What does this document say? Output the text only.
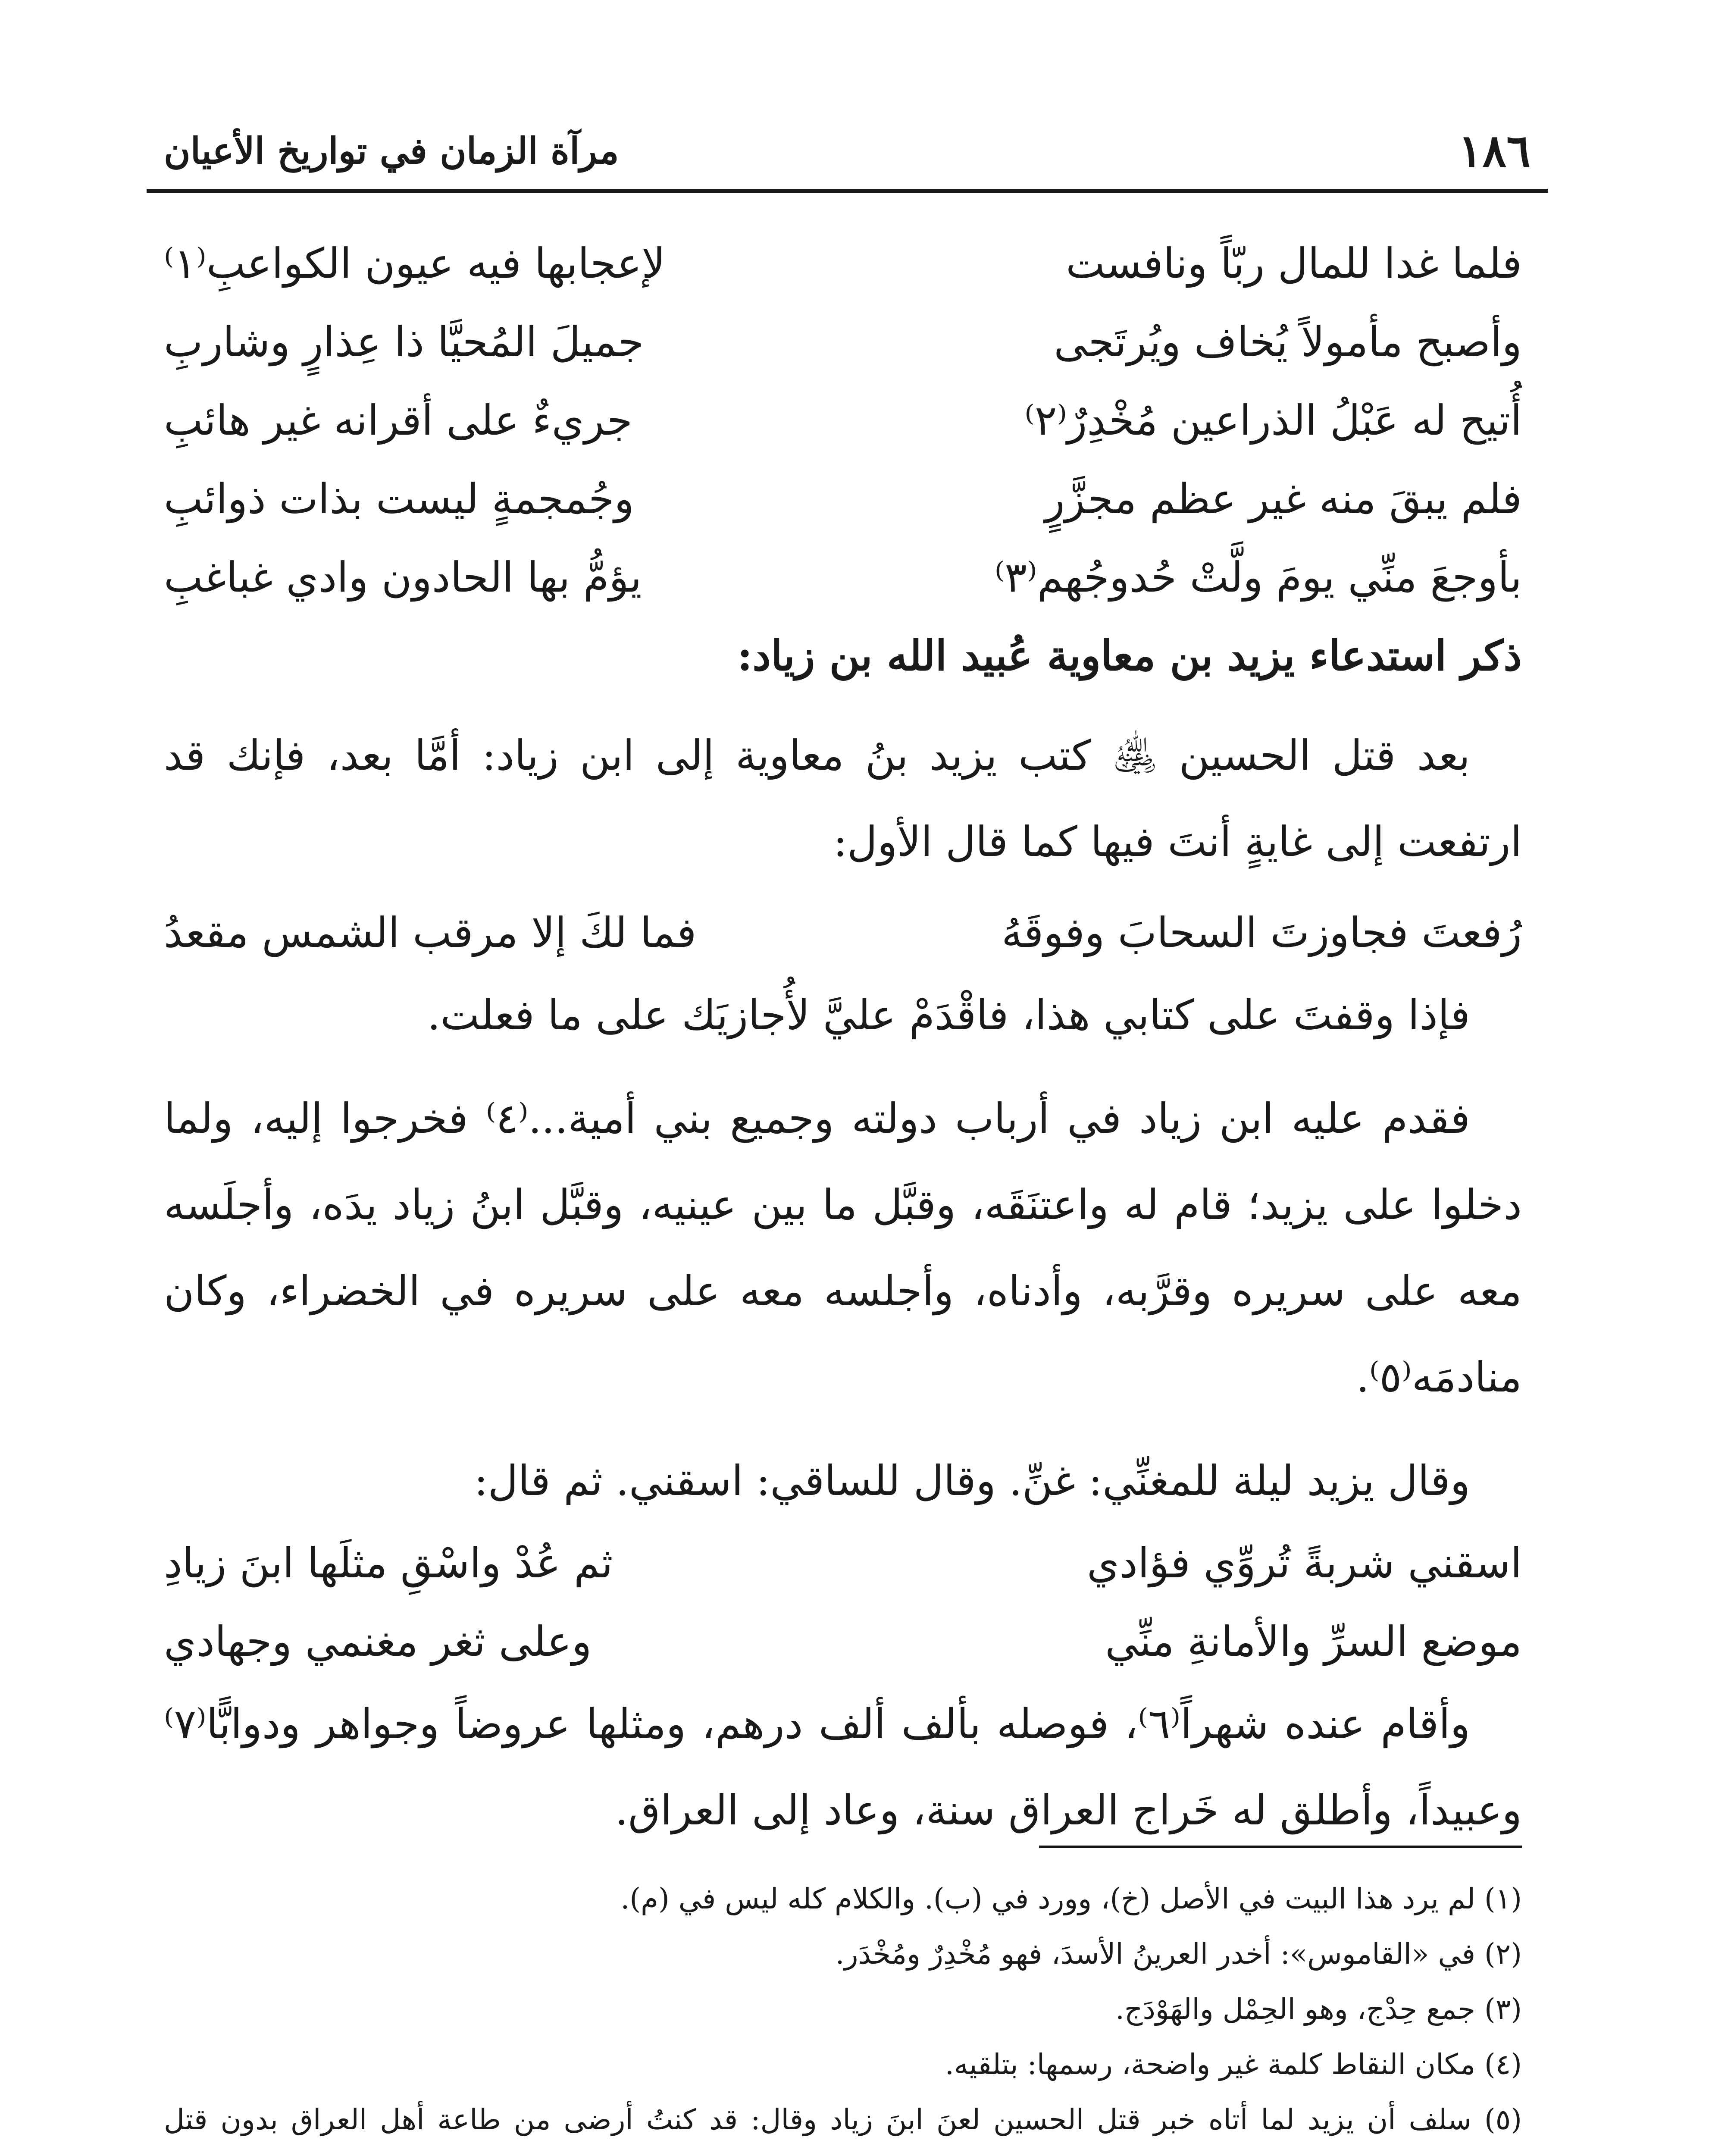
١٨٦
مرآة الزمان في تواريخ الأعيان
فلما غدا للمال ربّاً ونافست
لإعجابها فيه عيون الكواعبِ⁽١⁾
وأصبح مأمولاً يُخاف ويُرتَجى
جميلَ المُحيَّا ذا عِذارٍ وشاربِ
أُتيح له عَبْلُ الذراعين مُخْدِرٌ⁽٢⁾
جريءٌ على أقرانه غير هائبِ
فلم يبقَ منه غير عظم مجزَّرٍ
وجُمجمةٍ ليست بذات ذوائبِ
بأوجعَ منِّي يومَ ولَّتْ حُدوجُهم⁽٣⁾
يؤمُّ بها الحادون وادي غباغبِ
ذكر استدعاء يزيد بن معاوية عُبيد الله بن زياد:

بعد قتل الحسين ﵁ كتب يزيد بنُ معاوية إلى ابن زياد: أمَّا بعد، فإنك قد ارتفعت إلى غايةٍ أنتَ فيها كما قال الأول:

رُفعتَ فجاوزتَ السحابَ وفوقَهُ
فما لكَ إلا مرقب الشمس مقعدُ

فإذا وقفتَ على كتابي هذا، فاقْدَمْ عليَّ لأُجازيَك على ما فعلت.

فقدم عليه ابن زياد في أرباب دولته وجميع بني أمية...⁽٤⁾ فخرجوا إليه، ولما دخلوا على يزيد؛ قام له واعتنَقَه، وقبَّل ما بين عينيه، وقبَّل ابنُ زياد يدَه، وأجلَسه معه على سريره وقرَّبه، وأدناه، وأجلسه معه على سريره في الخضراء، وكان منادمَه⁽٥⁾.

وقال يزيد ليلة للمغنِّي: غنِّ. وقال للساقي: اسقني. ثم قال:

اسقني شربةً تُروِّي فؤادي
ثم عُدْ واسْقِ مثلَها ابنَ زيادِ
موضع السرِّ والأمانةِ منِّي
وعلى ثغر مغنمي وجهادي

وأقام عنده شهراً⁽٦⁾، فوصله بألف ألف درهم، ومثلها عروضاً وجواهر ودوابًّا⁽٧⁾ وعبيداً، وأطلق له خَراج العراق سنة، وعاد إلى العراق.

(١) لم يرد هذا البيت في الأصل (خ)، وورد في (ب). والكلام كله ليس في (م).
(٢) في «القاموس»: أخدر العرينُ الأسدَ، فهو مُخْدِرٌ ومُخْدَر.
(٣) جمع حِدْج، وهو الحِمْل والهَوْدَج.
(٤) مكان النقاط كلمة غير واضحة، رسمها: بتلقيه.
(٥) سلف أن يزيد لما أتاه خبر قتل الحسين لعنَ ابنَ زياد وقال: قد كنتُ أرضى من طاعة أهل العراق بدون قتل
